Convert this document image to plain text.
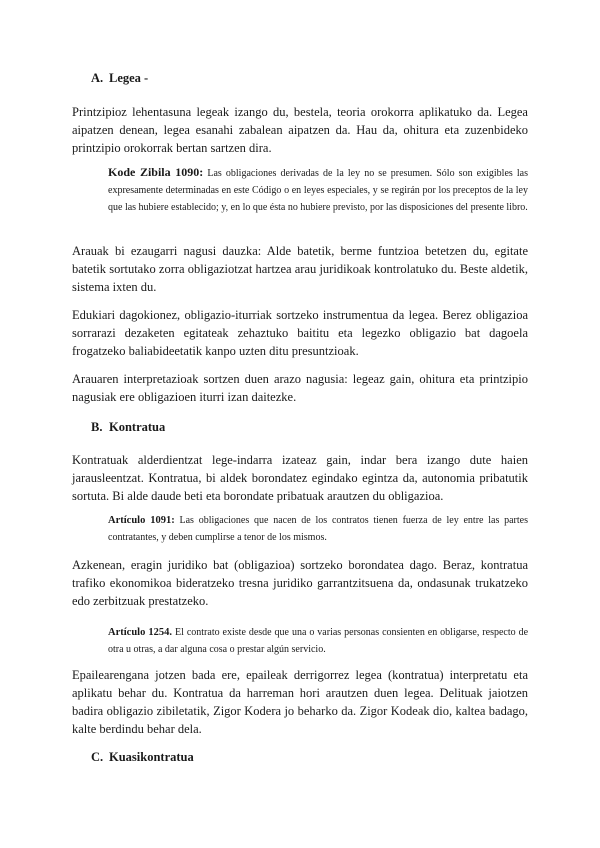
A. Legea -
Printzipioz lehentasuna legeak izango du, bestela, teoria orokorra aplikatuko da. Legea aipatzen denean, legea esanahi zabalean aipatzen da. Hau da, ohitura eta zuzenbideko printzipio orokorrak bertan sartzen dira.
Kode Zibila 1090: Las obligaciones derivadas de la ley no se presumen. Sólo son exigibles las expresamente determinadas en este Código o en leyes especiales, y se regirán por los preceptos de la ley que las hubiere establecido; y, en lo que ésta no hubiere previsto, por las disposiciones del presente libro.
Arauak bi ezaugarri nagusi dauzka: Alde batetik, berme funtzioa betetzen du, egitate batetik sortutako zorra obligaziotzat hartzea arau juridikoak kontrolatuko du. Beste aldetik, sistema ixten du.
Edukiari dagokionez, obligazio-iturriak sortzeko instrumentua da legea. Berez obligazioa sorrarazi dezaketen egitateak zehaztuko baititu eta legezko obligazio bat dagoela frogatzeko baliabideetatik kanpo uzten ditu presuntzioak.
Arauaren interpretazioak sortzen duen arazo nagusia: legeaz gain, ohitura eta printzipio nagusiak ere obligazioen iturri izan daitezke.
B. Kontratua
Kontratuak alderdientzat lege-indarra izateaz gain, indar bera izango dute haien jarausleentzat. Kontratua, bi aldek borondatez egindako egintza da, autonomia pribatutik sortuta. Bi alde daude beti eta borondate pribatuak arautzen du obligazioa.
Artículo 1091: Las obligaciones que nacen de los contratos tienen fuerza de ley entre las partes contratantes, y deben cumplirse a tenor de los mismos.
Azkenean, eragin juridiko bat (obligazioa) sortzeko borondatea dago. Beraz, kontratua trafiko ekonomikoa bideratzeko tresna juridiko garrantzitsuena da, ondasunak trukatzeko edo zerbitzuak prestatzeko.
Artículo 1254. El contrato existe desde que una o varias personas consienten en obligarse, respecto de otra u otras, a dar alguna cosa o prestar algún servicio.
Epailearengana jotzen bada ere, epaileak derrigorrez legea (kontratua) interpretatu eta aplikatu behar du. Kontratua da harreman hori arautzen duen legea. Delituak jaiotzen badira obligazio zibiletatik, Zigor Kodera jo beharko da. Zigor Kodeak dio, kaltea badago, kalte berdindu behar dela.
C. Kuasikontratua
